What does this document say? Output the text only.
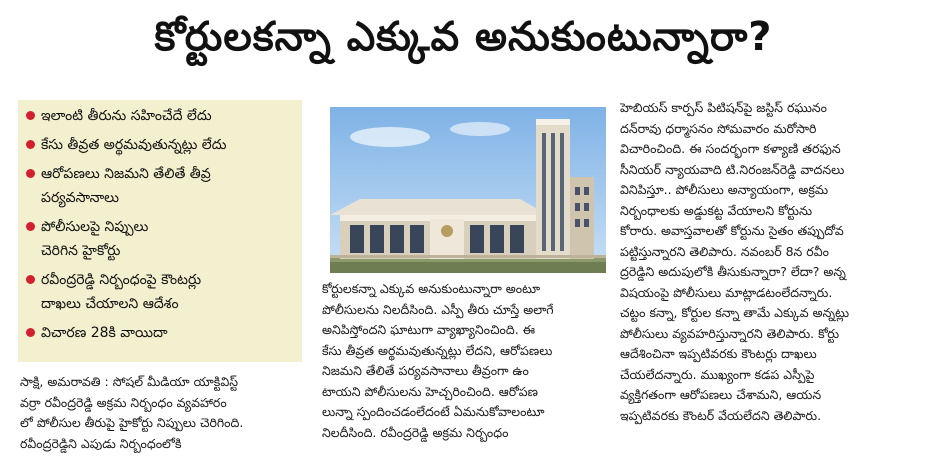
కోర్టులకన్నా ఎక్కువ అనుకుంటున్నారా?
ఇలాంటి తీరును సహించేదే లేదు
కేసు తీవ్రత అర్థమవుతున్నట్లు లేదు
ఆరోపణలు నిజమని తేలితే తీవ్ర
పర్యవసానాలు
పోలీసులపై నిప్పులు
చెరిగిన హైకోర్టు
రవీంద్రరెడ్డి నిర్బంధంపై కౌంటర్లు
దాఖలు చేయాలని ఆదేశం
విచారణ 28కి వాయిదా
సాక్షి, అమరావతి : సోషల్ మీడియా యాక్టివిస్ట్
వర్రా రవీంద్రరెడ్డి అక్రమ నిర్బంధం వ్యవహారం
లో పోలీసుల తీరుపై హైకోర్టు నిప్పులు చెరిగింది.
రవీంద్రరెడ్డిని ఎపుడు నిర్బంధంలోకి
కోర్టులకన్నా ఎక్కువ అనుకుంటున్నారా అంటూ
పోలీసులను నిలదీసింది. ఎస్పీ తీరు చూస్తే అలాగే
అనిపిస్తోందని ఘాటుగా వ్యాఖ్యానించింది. ఈ
కేసు తీవ్రత అర్థమవుతున్నట్లు లేదని, ఆరోపణలు
నిజమని తేలితే పర్యవసానాలు తీవ్రంగా ఉం
టాయని పోలీసులను హెచ్చరించింది. ఆరోపణ
లున్నా స్పందించడంలేదంటే ఏమనుకోవాలంటూ
నిలదీసింది. రవీంద్రరెడ్డి అక్రమ నిర్బంధం
హెబియస్ కార్పస్ పిటిషన్‌పై జస్టిస్ రఘునం
దన్‌రావు ధర్మాసనం సోమవారం మరోసారి
విచారించింది. ఈ సందర్భంగా కళ్యాణి తరఫున
సీనియర్ న్యాయవాది టి.నిరంజన్‌రెడ్డి వాదనలు
వినిపిస్తూ.. పోలీసులు అన్యాయంగా, అక్రమ
నిర్బంధాలకు అడ్డుకట్ట వేయాలని కోర్టును
కోరారు. అవాస్తవాలతో కోర్టును సైతం తప్పుదోవ
పట్టిస్తున్నారని తెలిపారు. నవంబర్ 8న రవీం
ద్రరెడ్డిని అదుపులోకి తీసుకున్నారా? లేదా? అన్న
విషయంపై పోలీసులు మాట్లాడటంలేదన్నారు.
చట్టం కన్నా, కోర్టుల కన్నా తామే ఎక్కువ అన్నట్లు
పోలీసులు వ్యవహరిస్తున్నారని తెలిపారు. కోర్టు
ఆదేశించినా ఇప్పటివరకు కౌంటర్లు దాఖలు
చేయలేదన్నారు. ముఖ్యంగా కడప ఎస్పీపై
వ్యక్తిగతంగా ఆరోపణలు చేశామని, ఆయన
ఇప్పటివరకు కౌంటర్ వేయలేదని తెలిపారు.
